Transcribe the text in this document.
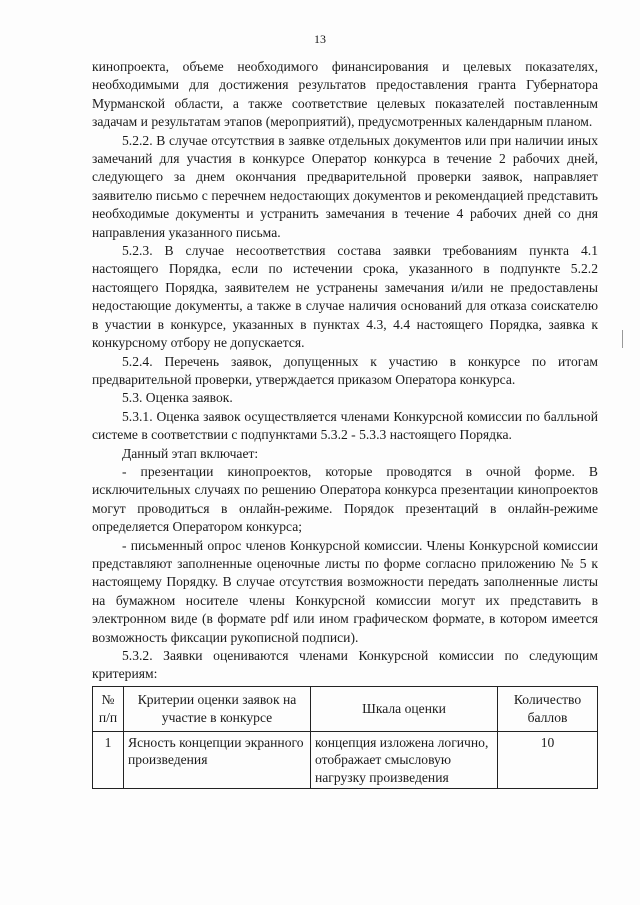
13

кинопроекта, объеме необходимого финансирования и целевых показателях, необходимыми для достижения результатов предоставления гранта Губернатора Мурманской области, а также соответствие целевых показателей поставленным задачам и результатам этапов (мероприятий), предусмотренных календарным планом.

5.2.2. В случае отсутствия в заявке отдельных документов или при наличии иных замечаний для участия в конкурсе Оператор конкурса в течение 2 рабочих дней, следующего за днем окончания предварительной проверки заявок, направляет заявителю письмо с перечнем недостающих документов и рекомендацией представить необходимые документы и устранить замечания в течение 4 рабочих дней со дня направления указанного письма.

5.2.3. В случае несоответствия состава заявки требованиям пункта 4.1 настоящего Порядка, если по истечении срока, указанного в подпункте 5.2.2 настоящего Порядка, заявителем не устранены замечания и/или не предоставлены недостающие документы, а также в случае наличия оснований для отказа соискателю в участии в конкурсе, указанных в пунктах 4.3, 4.4 настоящего Порядка, заявка к конкурсному отбору не допускается.

5.2.4. Перечень заявок, допущенных к участию в конкурсе по итогам предварительной проверки, утверждается приказом Оператора конкурса.

5.3. Оценка заявок.

5.3.1. Оценка заявок осуществляется членами Конкурсной комиссии по балльной системе в соответствии с подпунктами 5.3.2 - 5.3.3 настоящего Порядка.

Данный этап включает:

- презентации кинопроектов, которые проводятся в очной форме. В исключительных случаях по решению Оператора конкурса презентации кинопроектов могут проводиться в онлайн-режиме. Порядок презентаций в онлайн-режиме определяется Оператором конкурса;

- письменный опрос членов Конкурсной комиссии. Члены Конкурсной комиссии представляют заполненные оценочные листы по форме согласно приложению № 5 к настоящему Порядку. В случае отсутствия возможности передать заполненные листы на бумажном носителе члены Конкурсной комиссии могут их представить в электронном виде (в формате pdf или ином графическом формате, в котором имеется возможность фиксации рукописной подписи).

5.3.2. Заявки оцениваются членами Конкурсной комиссии по следующим критериям:

№ п/п	Критерии оценки заявок на участие в конкурсе	Шкала оценки	Количество баллов
1	Ясность концепции экранного произведения	концепция изложена логично, отображает смысловую нагрузку произведения	10
